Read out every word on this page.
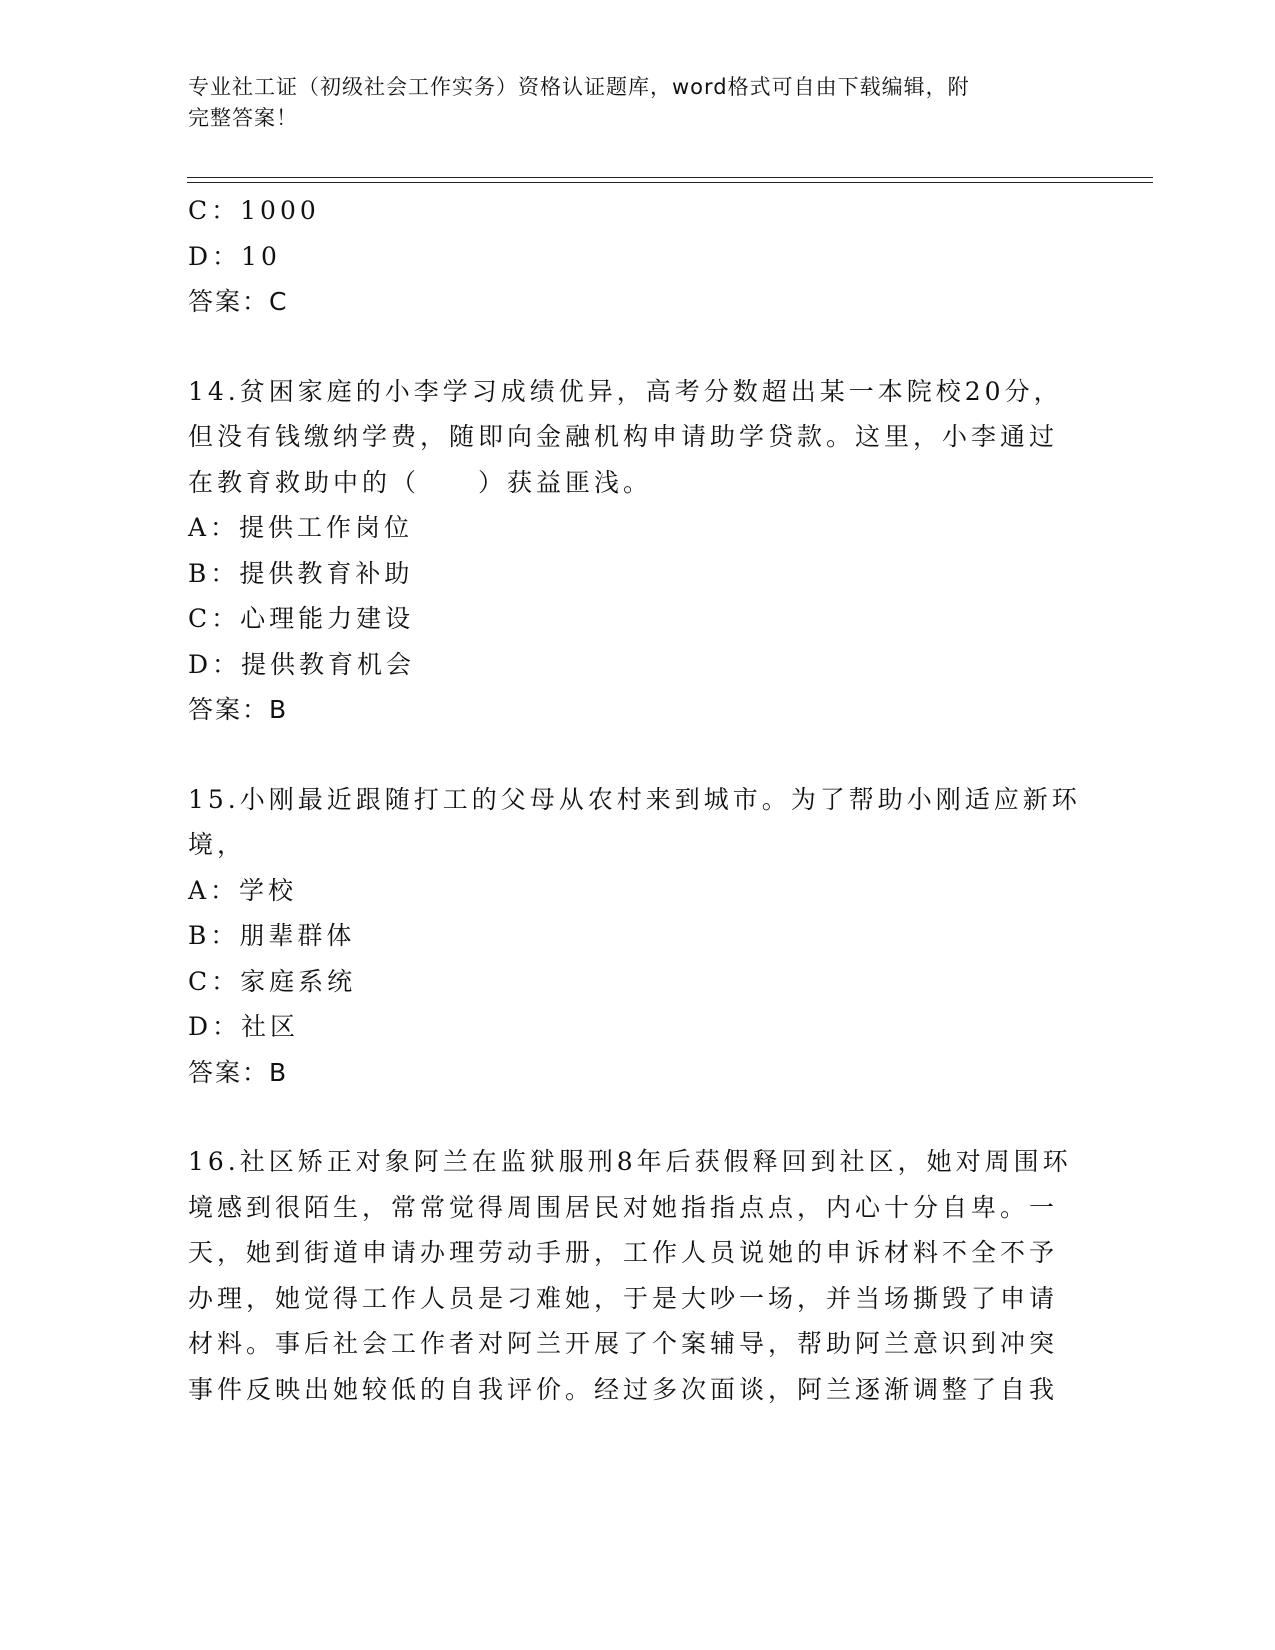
专业社工证（初级社会工作实务）资格认证题库，word格式可自由下载编辑，附
完整答案！
C：1000
D：10
答案：C
14.贫困家庭的小李学习成绩优异，高考分数超出某一本院校20分，
但没有钱缴纳学费，随即向金融机构申请助学贷款。这里，小李通过
在教育救助中的（　　）获益匪浅。
A：提供工作岗位
B：提供教育补助
C：心理能力建设
D：提供教育机会
答案：B
15.小刚最近跟随打工的父母从农村来到城市。为了帮助小刚适应新环
境，
A：学校
B：朋辈群体
C：家庭系统
D：社区
答案：B
16.社区矫正对象阿兰在监狱服刑8年后获假释回到社区，她对周围环
境感到很陌生，常常觉得周围居民对她指指点点，内心十分自卑。一
天，她到街道申请办理劳动手册，工作人员说她的申诉材料不全不予
办理，她觉得工作人员是刁难她，于是大吵一场，并当场撕毁了申请
材料。事后社会工作者对阿兰开展了个案辅导，帮助阿兰意识到冲突
事件反映出她较低的自我评价。经过多次面谈，阿兰逐渐调整了自我
